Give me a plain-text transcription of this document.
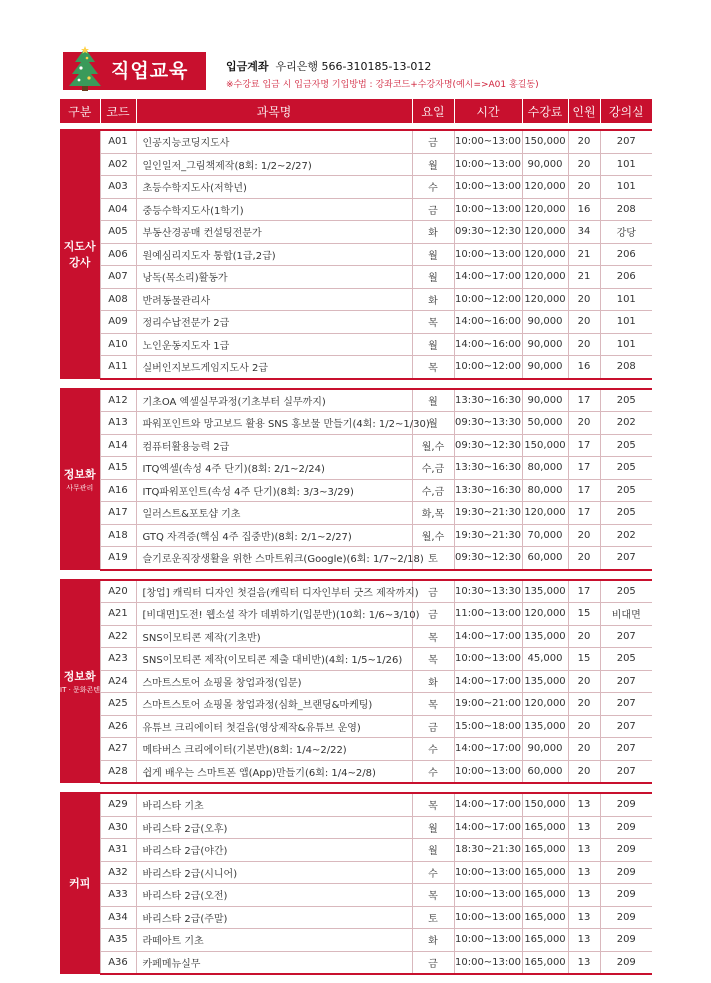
직업교육	입금계좌 우리은행 566-310185-13-012
※수강료 입금 시 입금자명 기입방법 : 강좌코드+수강자명(예시=>A01 홍길동)
구분	코드	과목명	요일	시간	수강료	인원	강의실

지도사
강사	A01	인공지능코딩지도사	금	10:00~13:00	150,000	20	207
	A02	일인일저_그림책제작(8회: 1/2~2/27)	월	10:00~13:00	90,000	20	101
	A03	초등수학지도사(저학년)	수	10:00~13:00	120,000	20	101
	A04	중등수학지도사(1학기)	금	10:00~13:00	120,000	16	208
	A05	부동산경공매 컨설팅전문가	화	09:30~12:30	120,000	34	강당
	A06	원예심리지도자 통합(1급,2급)	월	10:00~13:00	120,000	21	206
	A07	낭독(목소리)활동가	월	14:00~17:00	120,000	21	206
	A08	반려동물관리사	화	10:00~12:00	120,000	20	101
	A09	정리수납전문가 2급	목	14:00~16:00	90,000	20	101
	A10	노인운동지도자 1급	월	14:00~16:00	90,000	20	101
	A11	실버인지보드게임지도사 2급	목	10:00~12:00	90,000	16	208

정보화
사무관리	A12	기초OA 엑셀실무과정(기초부터 실무까지)	월	13:30~16:30	90,000	17	205
	A13	파워포인트와 망고보드 활용 SNS 홍보물 만들기(4회: 1/2~1/30)	월	09:30~13:30	50,000	20	202
	A14	컴퓨터활용능력 2급	월,수	09:30~12:30	150,000	17	205
	A15	ITQ엑셀(속성 4주 단기)(8회: 2/1~2/24)	수,금	13:30~16:30	80,000	17	205
	A16	ITQ파워포인트(속성 4주 단기)(8회: 3/3~3/29)	수,금	13:30~16:30	80,000	17	205
	A17	일러스트&포토샵 기초	화,목	19:30~21:30	120,000	17	205
	A18	GTQ 자격증(핵심 4주 집중반)(8회: 2/1~2/27)	월,수	19:30~21:30	70,000	20	202
	A19	슬기로운직장생활을 위한 스마트워크(Google)(6회: 1/7~2/18)	토	09:30~12:30	60,000	20	207

정보화
IT · 문화콘텐츠	A20	[창업] 캐릭터 디자인 첫걸음(캐릭터 디자인부터 굿즈 제작까지)	금	10:30~13:30	135,000	17	205
	A21	[비대면]도전! 웹소설 작가 데뷔하기(입문반)(10회: 1/6~3/10)	금	11:00~13:00	120,000	15	비대면
	A22	SNS이모티콘 제작(기초반)	목	14:00~17:00	135,000	20	207
	A23	SNS이모티콘 제작(이모티콘 제출 대비반)(4회: 1/5~1/26)	목	10:00~13:00	45,000	15	205
	A24	스마트스토어 쇼핑몰 창업과정(입문)	화	14:00~17:00	135,000	20	207
	A25	스마트스토어 쇼핑몰 창업과정(심화_브랜딩&마케팅)	목	19:00~21:00	120,000	20	207
	A26	유튜브 크리에이터 첫걸음(영상제작&유튜브 운영)	금	15:00~18:00	135,000	20	207
	A27	메타버스 크리에이터(기본반)(8회: 1/4~2/22)	수	14:00~17:00	90,000	20	207
	A28	쉽게 배우는 스마트폰 앱(App)만들기(6회: 1/4~2/8)	수	10:00~13:00	60,000	20	207

커피	A29	바리스타 기초	목	14:00~17:00	150,000	13	209
	A30	바리스타 2급(오후)	월	14:00~17:00	165,000	13	209
	A31	바리스타 2급(야간)	월	18:30~21:30	165,000	13	209
	A32	바리스타 2급(시니어)	수	10:00~13:00	165,000	13	209
	A33	바리스타 2급(오전)	목	10:00~13:00	165,000	13	209
	A34	바리스타 2급(주말)	토	10:00~13:00	165,000	13	209
	A35	라떼아트 기초	화	10:00~13:00	165,000	13	209
	A36	카페메뉴실무	금	10:00~13:00	165,000	13	209
